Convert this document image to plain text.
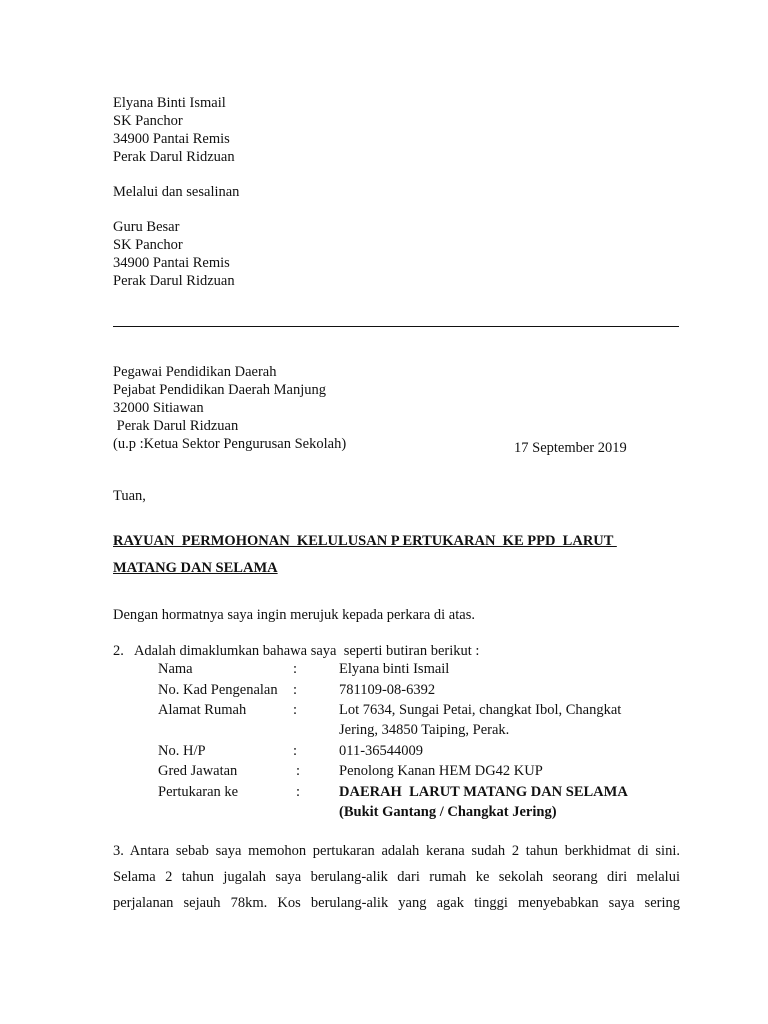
Elyana Binti Ismail
SK Panchor
34900 Pantai Remis
Perak Darul Ridzuan
Melalui dan sesalinan
Guru Besar
SK Panchor
34900 Pantai Remis
Perak Darul Ridzuan
Pegawai Pendidikan Daerah
Pejabat Pendidikan Daerah Manjung
32000 Sitiawan
Perak Darul Ridzuan
(u.p :Ketua Sektor Pengurusan Sekolah)	17 September 2019
Tuan,
RAYUAN  PERMOHONAN  KELULUSAN P ERTUKARAN  KE PPD  LARUT
MATANG DAN SELAMA
Dengan hormatnya saya ingin merujuk kepada perkara di atas.
2.   Adalah dimaklumkan bahawa saya  seperti butiran berikut :
Nama	:	Elyana binti Ismail
No. Kad Pengenalan :	781109-08-6392
Alamat Rumah	:	Lot 7634, Sungai Petai, changkat Ibol, Changkat
Jering, 34850 Taiping, Perak.
No. H/P	:	011-36544009
Gred Jawatan	:	Penolong Kanan HEM DG42 KUP
Pertukaran ke	:	DAERAH  LARUT MATANG DAN SELAMA
(Bukit Gantang / Changkat Jering)
3. Antara sebab saya memohon pertukaran adalah kerana sudah 2 tahun berkhidmat di sini.
Selama 2 tahun jugalah saya berulang-alik dari rumah ke sekolah seorang diri melalui
perjalanan sejauh 78km. Kos berulang-alik yang agak tinggi menyebabkan saya sering
